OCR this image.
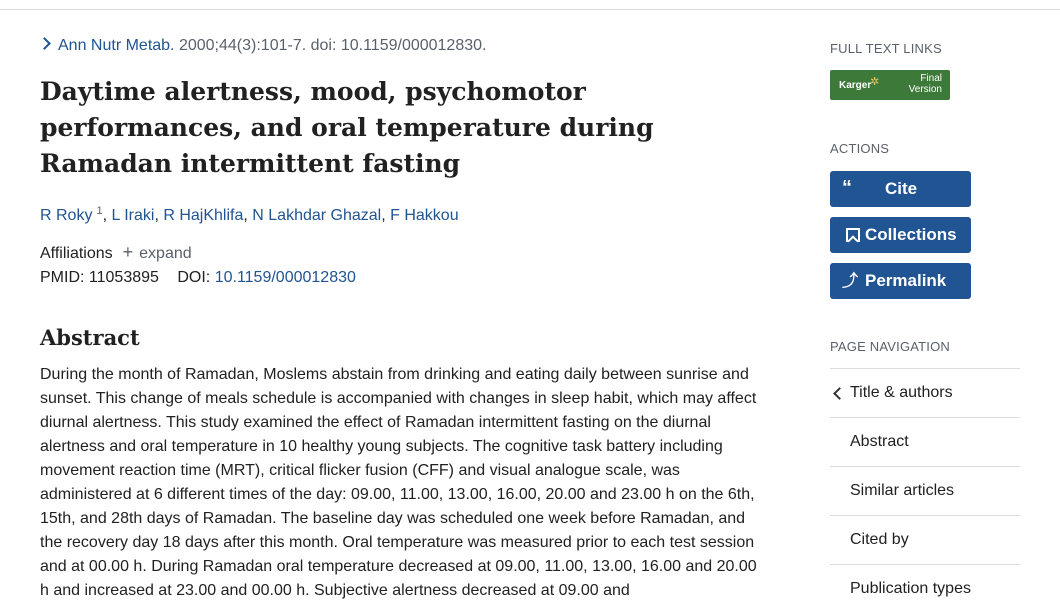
Ann Nutr Metab. 2000;44(3):101-7. doi: 10.1159/000012830.
Daytime alertness, mood, psychomotor performances, and oral temperature during Ramadan intermittent fasting
R Roky $^1$, L Iraki, R HajKhlifa, N Lakhdar Ghazal, F Hakkou
Affiliations + expand
PMID: 11053895 DOI: 10.1159/000012830
Abstract

During the month of Ramadan, Moslems abstain from drinking and eating daily between sunrise and sunset. This change of meals schedule is accompanied with changes in sleep habit, which may affect diurnal alertness. This study examined the effect of Ramadan intermittent fasting on the diurnal alertness and oral temperature in 10 healthy young subjects. The cognitive task battery including movement reaction time (MRT), critical flicker fusion (CFF) and visual analogue scale, was administered at 6 different times of the day: 09.00, 11.00, 13.00, 16.00, 20.00 and 23.00 h on the 6th, 15th, and 28th days of Ramadan. The baseline day was scheduled one week before Ramadan, and the recovery day 18 days after this month. Oral temperature was measured prior to each test session and at 00.00 h. During Ramadan oral temperature decreased at 09.00, 11.00, 13.00, 16.00 and 20.00 h and increased at 23.00 and 00.00 h. Subjective alertness decreased at 09.00 and

FULL TEXT LINKS
Karger
✲	Final
Version
ACTIONS
“ Cite
Collections
⤴ Permalink
PAGE NAVIGATION
Title & authors
Abstract
Similar articles
Cited by
Publication types
